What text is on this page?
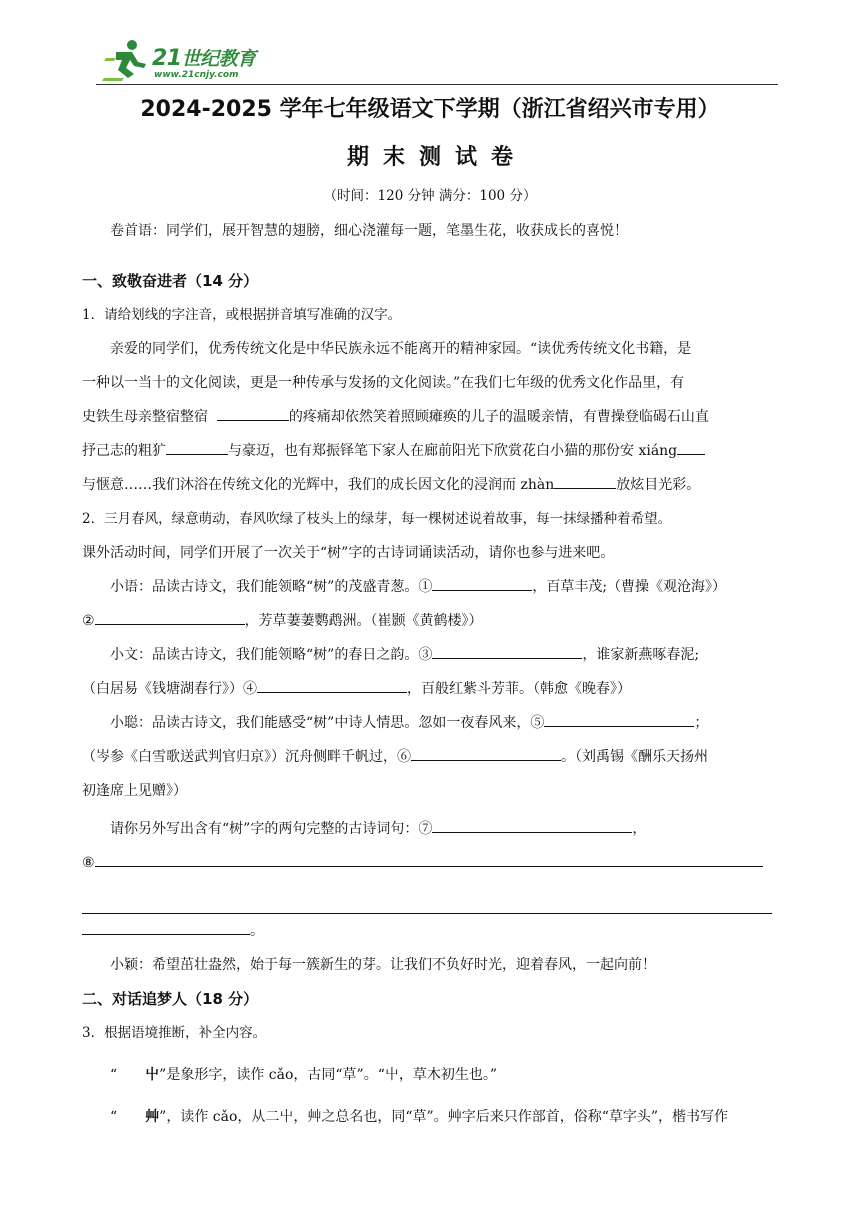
21世纪教育
www.21cnjy.com
2024-2025 学年七年级语文下学期（浙江省绍兴市专用）
期末测试卷
（时间：120 分钟 满分：100 分）

卷首语：同学们，展开智慧的翅膀，细心浇灌每一题，笔墨生花，收获成长的喜悦！

一、致敬奋进者（14 分）

1．请给划线的字注音，或根据拼音填写准确的汉字。

亲爱的同学们，优秀传统文化是中华民族永远不能离开的精神家园。“读优秀传统文化书籍，是

一种以一当十的文化阅读，更是一种传承与发扬的文化阅读。”在我们七年级的优秀文化作品里，有

史铁生母亲整宿整宿	的疼痛却依然笑着照顾瘫痪的儿子的温暖亲情，有曹操登临碣石山直

抒己志的粗犷	与豪迈，也有郑振铎笔下家人在廊前阳光下欣赏花白小猫的那份安 xiáng

与惬意……我们沐浴在传统文化的光辉中，我们的成长因文化的浸润而 zhàn	放炫目光彩。

2．三月春风，绿意萌动，春风吹绿了枝头上的绿芽，每一棵树述说着故事，每一抹绿播种着希望。

课外活动时间，同学们开展了一次关于“树”字的古诗词诵读活动，请你也参与进来吧。

小语：品读古诗文，我们能领略“树”的茂盛青葱。①	，百草丰茂;（曹操《观沧海》）

②	，芳草萋萋鹦鹉洲。（崔颢《黄鹤楼》）

小文：品读古诗文，我们能领略“树”的春日之韵。③	，谁家新燕啄春泥;

（白居易《钱塘湖春行》）④	，百般红紫斗芳菲。（韩愈《晚春》）

小聪：品读古诗文，我们能感受“树”中诗人情思。忽如一夜春风来，⑤	；

（岑参《白雪歌送武判官归京》）沉舟侧畔千帆过，⑥	。（刘禹锡《酬乐天扬州

初逢席上见赠》）

请你另外写出含有“树”字的两句完整的古诗词句：⑦	，

⑧

。

小颖：希望茁壮盎然，始于每一簇新生的芽。让我们不负好时光，迎着春风，一起向前！

二、对话追梦人（18 分）

3．根据语境推断，补全内容。

“ 屮”是象形字，读作 cǎo，古同“草”。“屮，草木初生也。”

“ 艸”，读作 cǎo，从二屮，艸之总名也，同“草”。艸字后来只作部首，俗称“草字头”，楷书写作
